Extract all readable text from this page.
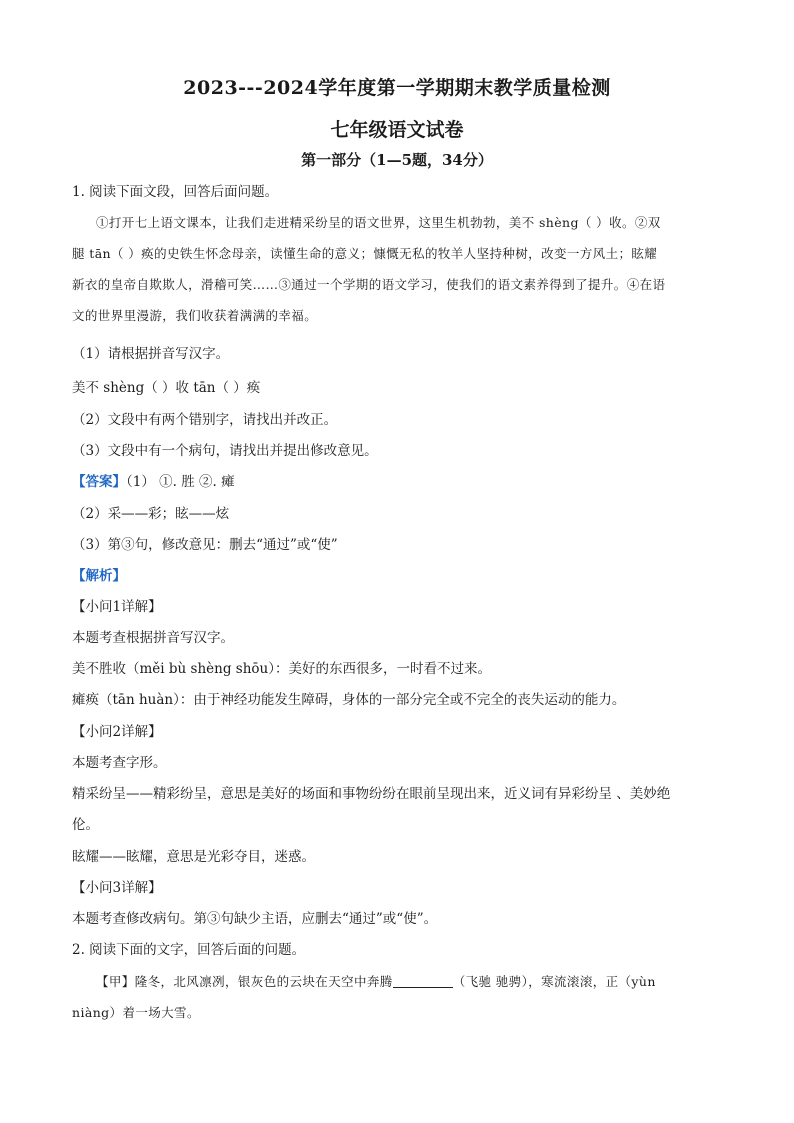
2023---2024学年度第一学期期末教学质量检测
七年级语文试卷
第一部分（1—5题，34分）
1. 阅读下面文段，回答后面问题。
①打开七上语文课本，让我们走进精采纷呈的语文世界，这里生机勃勃，美不 shèng（ ）收。②双
腿 tān（ ）痪的史铁生怀念母亲，读懂生命的意义；慷慨无私的牧羊人坚持种树，改变一方风土；眩耀
新衣的皇帝自欺欺人，滑稽可笑……③通过一个学期的语文学习，使我们的语文素养得到了提升。④在语
文的世界里漫游，我们收获着满满的幸福。
（1）请根据拼音写汉字。
美不 shèng（ ）收 tān（ ）痪
（2）文段中有两个错别字，请找出并改正。
（3）文段中有一个病句，请找出并提出修改意见。
【答案】（1） ①. 胜 ②. 瘫
（2）采——彩；眩——炫
（3）第③句，修改意见：删去“通过”或“使”
【解析】
【小问1详解】
本题考查根据拼音写汉字。
美不胜收（měi bù shèng shōu）：美好的东西很多，一时看不过来。
瘫痪（tān huàn）：由于神经功能发生障碍，身体的一部分完全或不完全的丧失运动的能力。
【小问2详解】
本题考查字形。
精采纷呈——精彩纷呈，意思是美好的场面和事物纷纷在眼前呈现出来，近义词有异彩纷呈 、美妙绝
伦。
眩耀——眩耀，意思是光彩夺目，迷惑。
【小问3详解】
本题考查修改病句。第③句缺少主语，应删去“通过”或“使”。
2. 阅读下面的文字，回答后面的问题。
【甲】隆冬，北风凛冽，银灰色的云块在天空中奔腾	（飞驰 驰骋），寒流滚滚，正（yùn
niàng）着一场大雪。
